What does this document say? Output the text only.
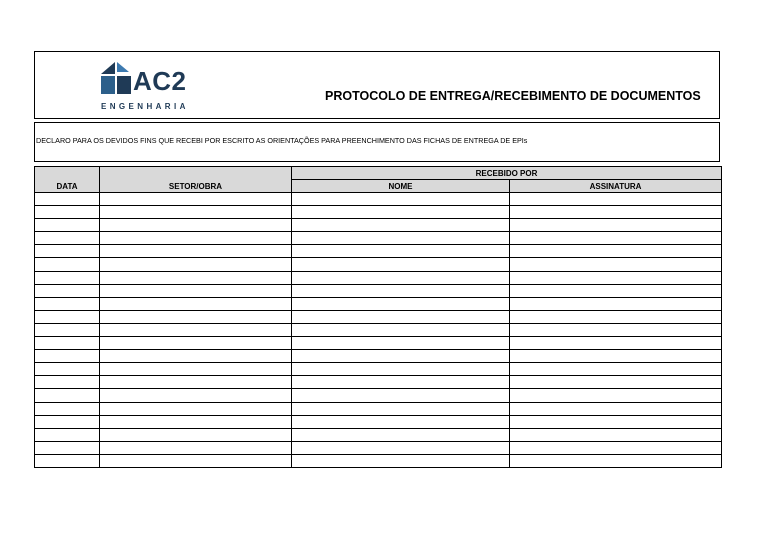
AC2
ENGENHARIA
PROTOCOLO DE ENTREGA/RECEBIMENTO DE DOCUMENTOS
DECLARO PARA OS DEVIDOS FINS QUE RECEBI POR ESCRITO AS ORIENTAÇÕES PARA PREENCHIMENTO DAS FICHAS DE ENTREGA DE EPIs
DATA	SETOR/OBRA	RECEBIDO POR	
		NOME	ASSINATURA
